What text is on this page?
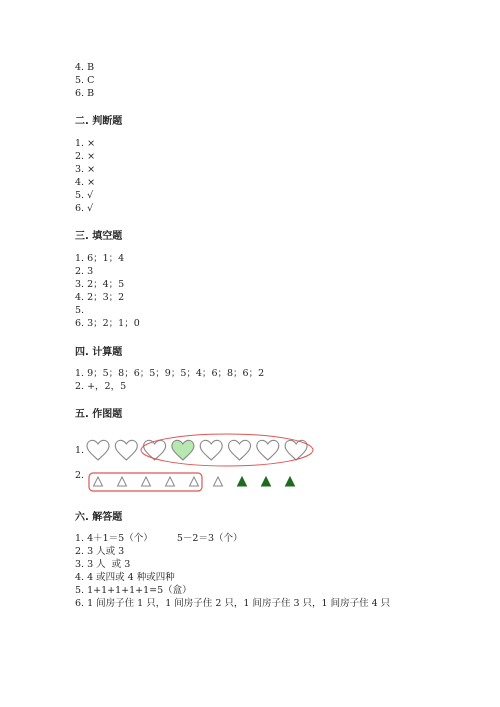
4. B
5. C
6. B
二. 判断题
1. ×
2. ×
3. ×
4. ×
5. √
6. √
三. 填空题
1. 6；1；4
2. 3
3. 2；4；5
4. 2；3；2
5.
6. 3；2；1；0
四. 计算题
1. 9；5；8；6；5；9；5；4；6；8；6；2
2. +，2，5
五. 作图题
1.
2.
六. 解答题
1. 4＋1＝5（个）        5－2＝3（个）
2. 3 人或 3
3. 3 人  或 3
4. 4 或四或 4 种或四种
5. 1+1+1+1+1=5（盒）
6. 1 间房子住 1 只，1 间房子住 2 只，1 间房子住 3 只，1 间房子住 4 只
